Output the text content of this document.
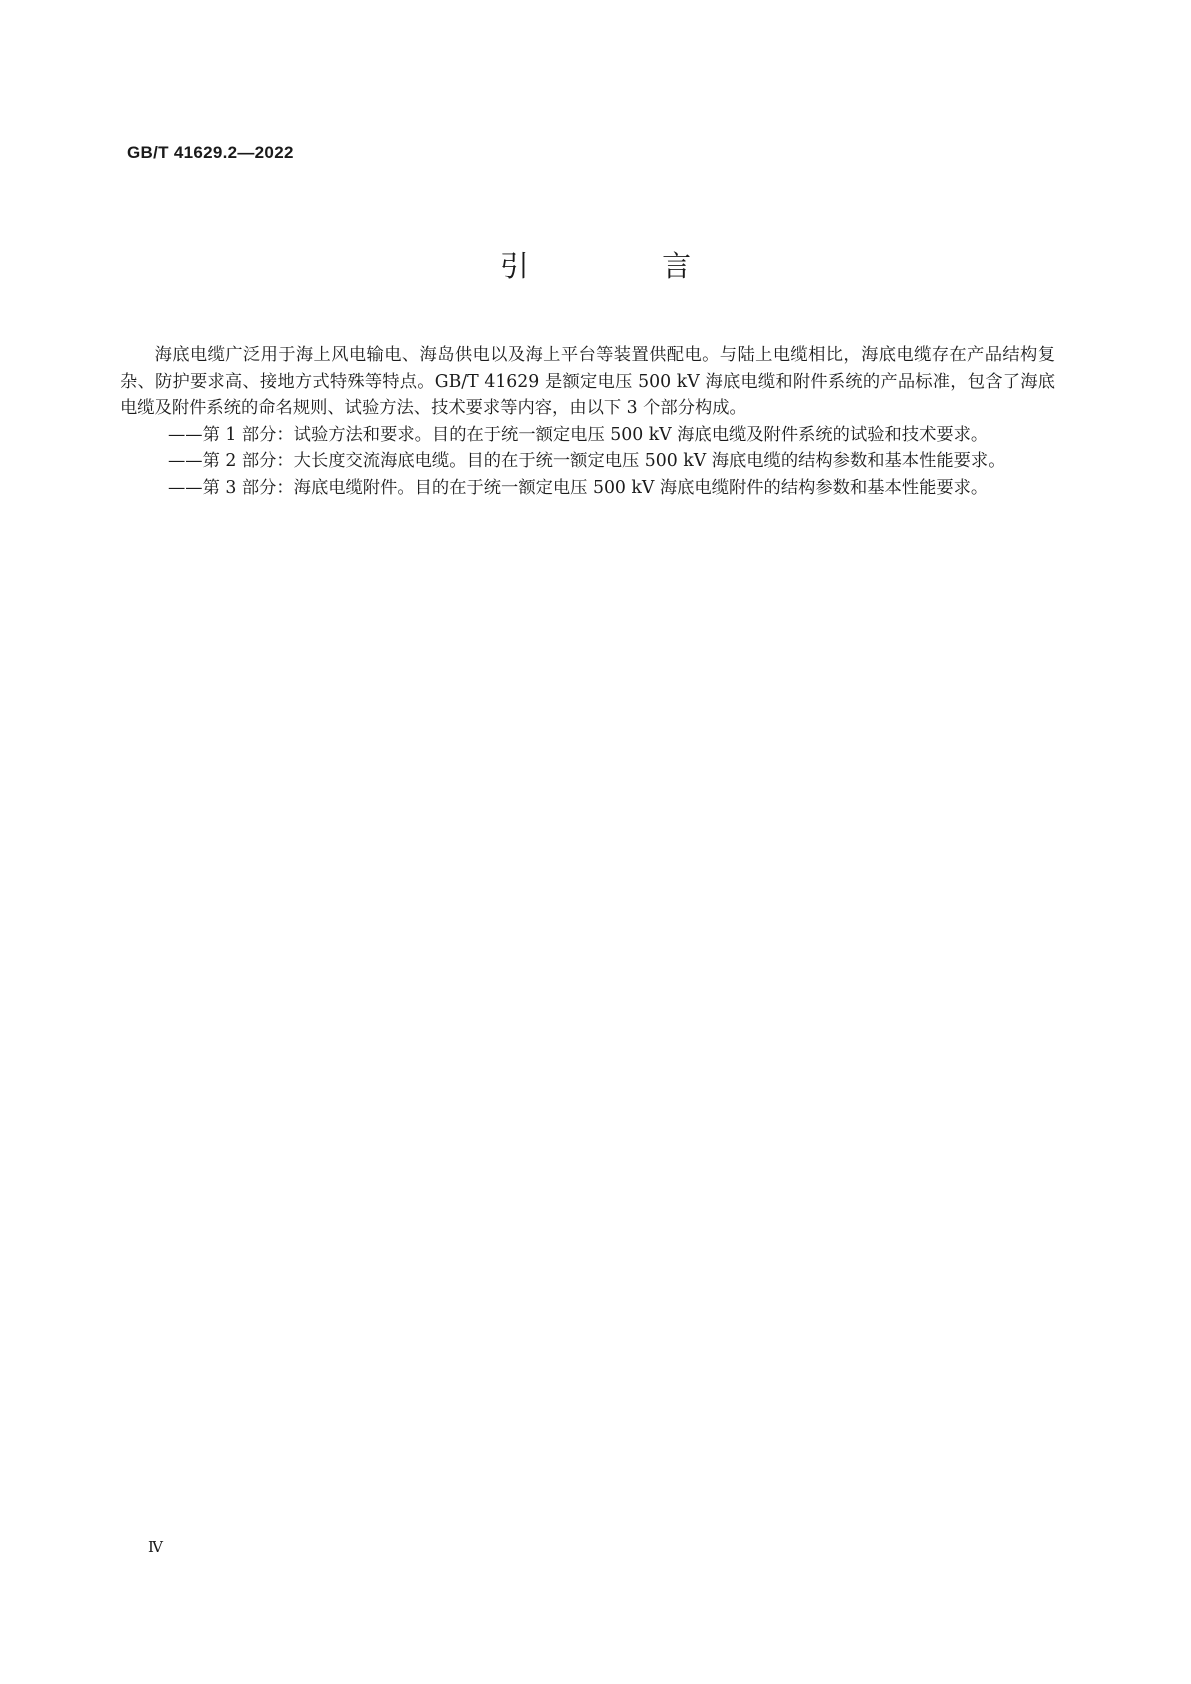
GB/T 41629.2—2022
引 言

海底电缆广泛用于海上风电输电、海岛供电以及海上平台等装置供配电。与陆上电缆相比，海底电缆存在产品结构复杂、防护要求高、接地方式特殊等特点。GB/T 41629 是额定电压 500 kV 海底电缆和附件系统的产品标准，包含了海底电缆及附件系统的命名规则、试验方法、技术要求等内容，由以下 3 个部分构成。

——第 1 部分：试验方法和要求。目的在于统一额定电压 500 kV 海底电缆及附件系统的试验和技术要求。

——第 2 部分：大长度交流海底电缆。目的在于统一额定电压 500 kV 海底电缆的结构参数和基本性能要求。

——第 3 部分：海底电缆附件。目的在于统一额定电压 500 kV 海底电缆附件的结构参数和基本性能要求。

Ⅳ
